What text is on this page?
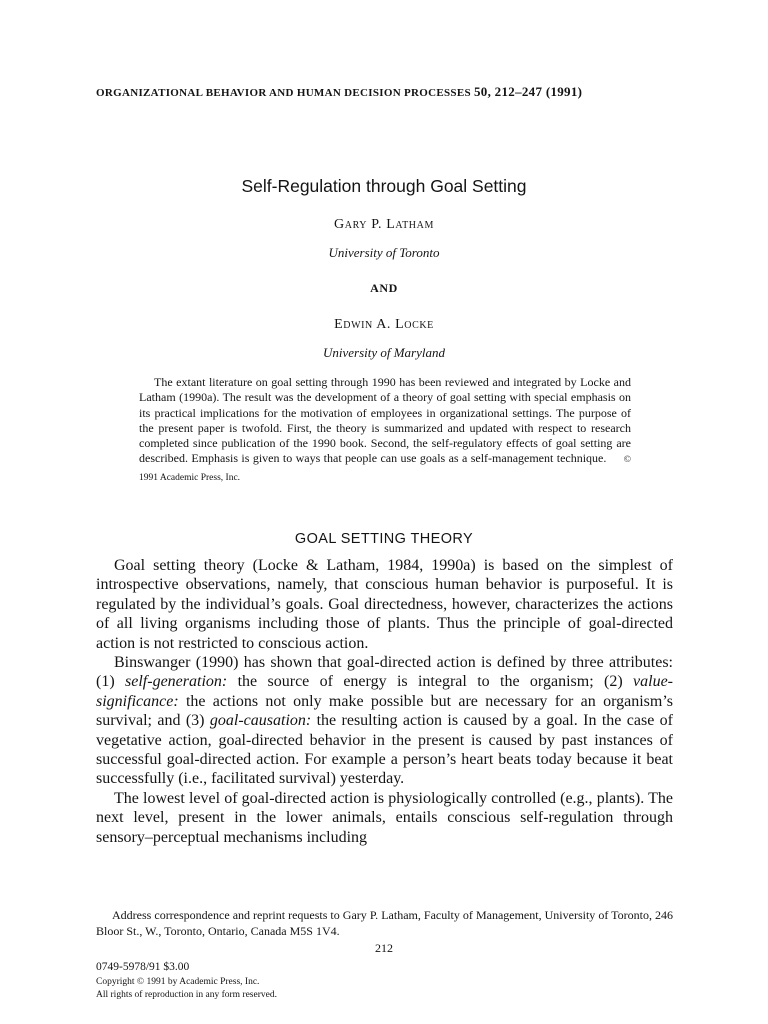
ORGANIZATIONAL BEHAVIOR AND HUMAN DECISION PROCESSES 50, 212–247 (1991)
Self-Regulation through Goal Setting
Gary P. Latham
University of Toronto
AND
Edwin A. Locke
University of Maryland
The extant literature on goal setting through 1990 has been reviewed and integrated by Locke and Latham (1990a). The result was the development of a theory of goal setting with special emphasis on its practical implications for the motivation of employees in organizational settings. The purpose of the present paper is twofold. First, the theory is summarized and updated with respect to research completed since publication of the 1990 book. Second, the self-regulatory effects of goal setting are described. Emphasis is given to ways that people can use goals as a self-management technique. © 1991 Academic Press, Inc.
GOAL SETTING THEORY

Goal setting theory (Locke & Latham, 1984, 1990a) is based on the simplest of introspective observations, namely, that conscious human behavior is purposeful. It is regulated by the individual’s goals. Goal directedness, however, characterizes the actions of all living organisms including those of plants. Thus the principle of goal-directed action is not restricted to conscious action.

Binswanger (1990) has shown that goal-directed action is defined by three attributes: (1) self-generation: the source of energy is integral to the organism; (2) value-significance: the actions not only make possible but are necessary for an organism’s survival; and (3) goal-causation: the resulting action is caused by a goal. In the case of vegetative action, goal-directed behavior in the present is caused by past instances of successful goal-directed action. For example a person’s heart beats today because it beat successfully (i.e., facilitated survival) yesterday.

The lowest level of goal-directed action is physiologically controlled (e.g., plants). The next level, present in the lower animals, entails conscious self-regulation through sensory–perceptual mechanisms including

Address correspondence and reprint requests to Gary P. Latham, Faculty of Management, University of Toronto, 246 Bloor St., W., Toronto, Ontario, Canada M5S 1V4.

212
0749-5978/91 $3.00
Copyright © 1991 by Academic Press, Inc.
All rights of reproduction in any form reserved.
